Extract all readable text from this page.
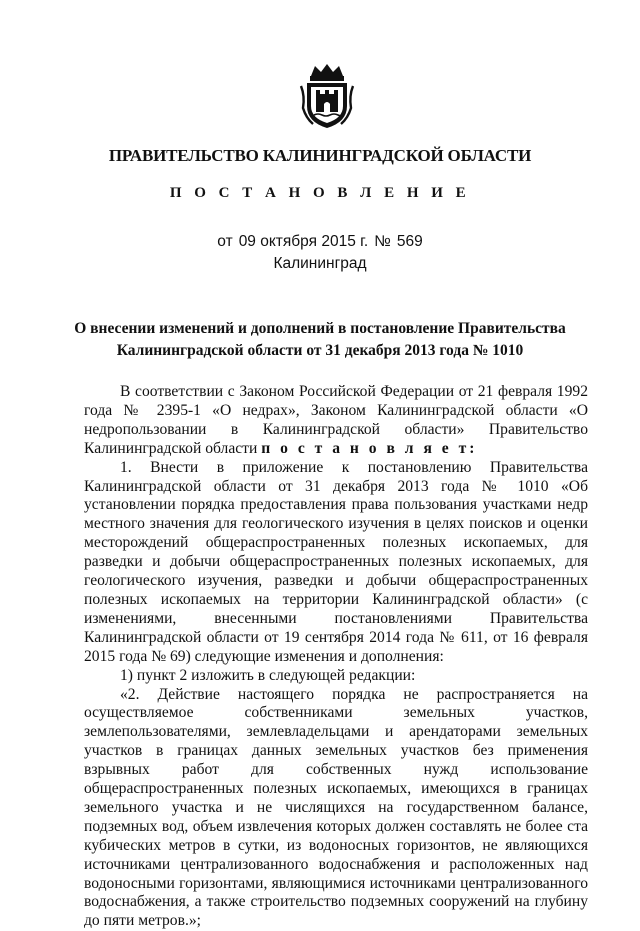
ПРАВИТЕЛЬСТВО КАЛИНИНГРАДСКОЙ ОБЛАСТИ
П О С Т А Н О В Л Е Н И Е
от 09 октября 2015 г. № 569
Калининград
О внесении изменений и дополнений в постановление Правительства
Калининградской области от 31 декабря 2013 года № 1010

В соответствии с Законом Российской Федерации от 21 февраля 1992 года № 2395-1 «О недрах», Законом Калининградской области «О недропользовании в Калининградской области» Правительство Калининградской области п о с т а н о в л я е т:

1. Внести в приложение к постановлению Правительства Калининградской области от 31 декабря 2013 года № 1010 «Об установлении порядка предоставления права пользования участками недр местного значения для геологического изучения в целях поисков и оценки месторождений общераспространенных полезных ископаемых, для разведки и добычи общераспространенных полезных ископаемых, для геологического изучения, разведки и добычи общераспространенных полезных ископаемых на территории Калининградской области» (с изменениями, внесенными постановлениями Правительства Калининградской области от 19 сентября 2014 года № 611, от 16 февраля 2015 года № 69) следующие изменения и дополнения:

1) пункт 2 изложить в следующей редакции:

«2. Действие настоящего порядка не распространяется на осуществляемое собственниками земельных участков, землепользователями, землевладельцами и арендаторами земельных участков в границах данных земельных участков без применения взрывных работ для собственных нужд использование общераспространенных полезных ископаемых, имеющихся в границах земельного участка и не числящихся на государственном балансе, подземных вод, объем извлечения которых должен составлять не более ста кубических метров в сутки, из водоносных горизонтов, не являющихся источниками централизованного водоснабжения и расположенных над водоносными горизонтами, являющимися источниками централизованного водоснабжения, а также строительство подземных сооружений на глубину до пяти метров.»;
